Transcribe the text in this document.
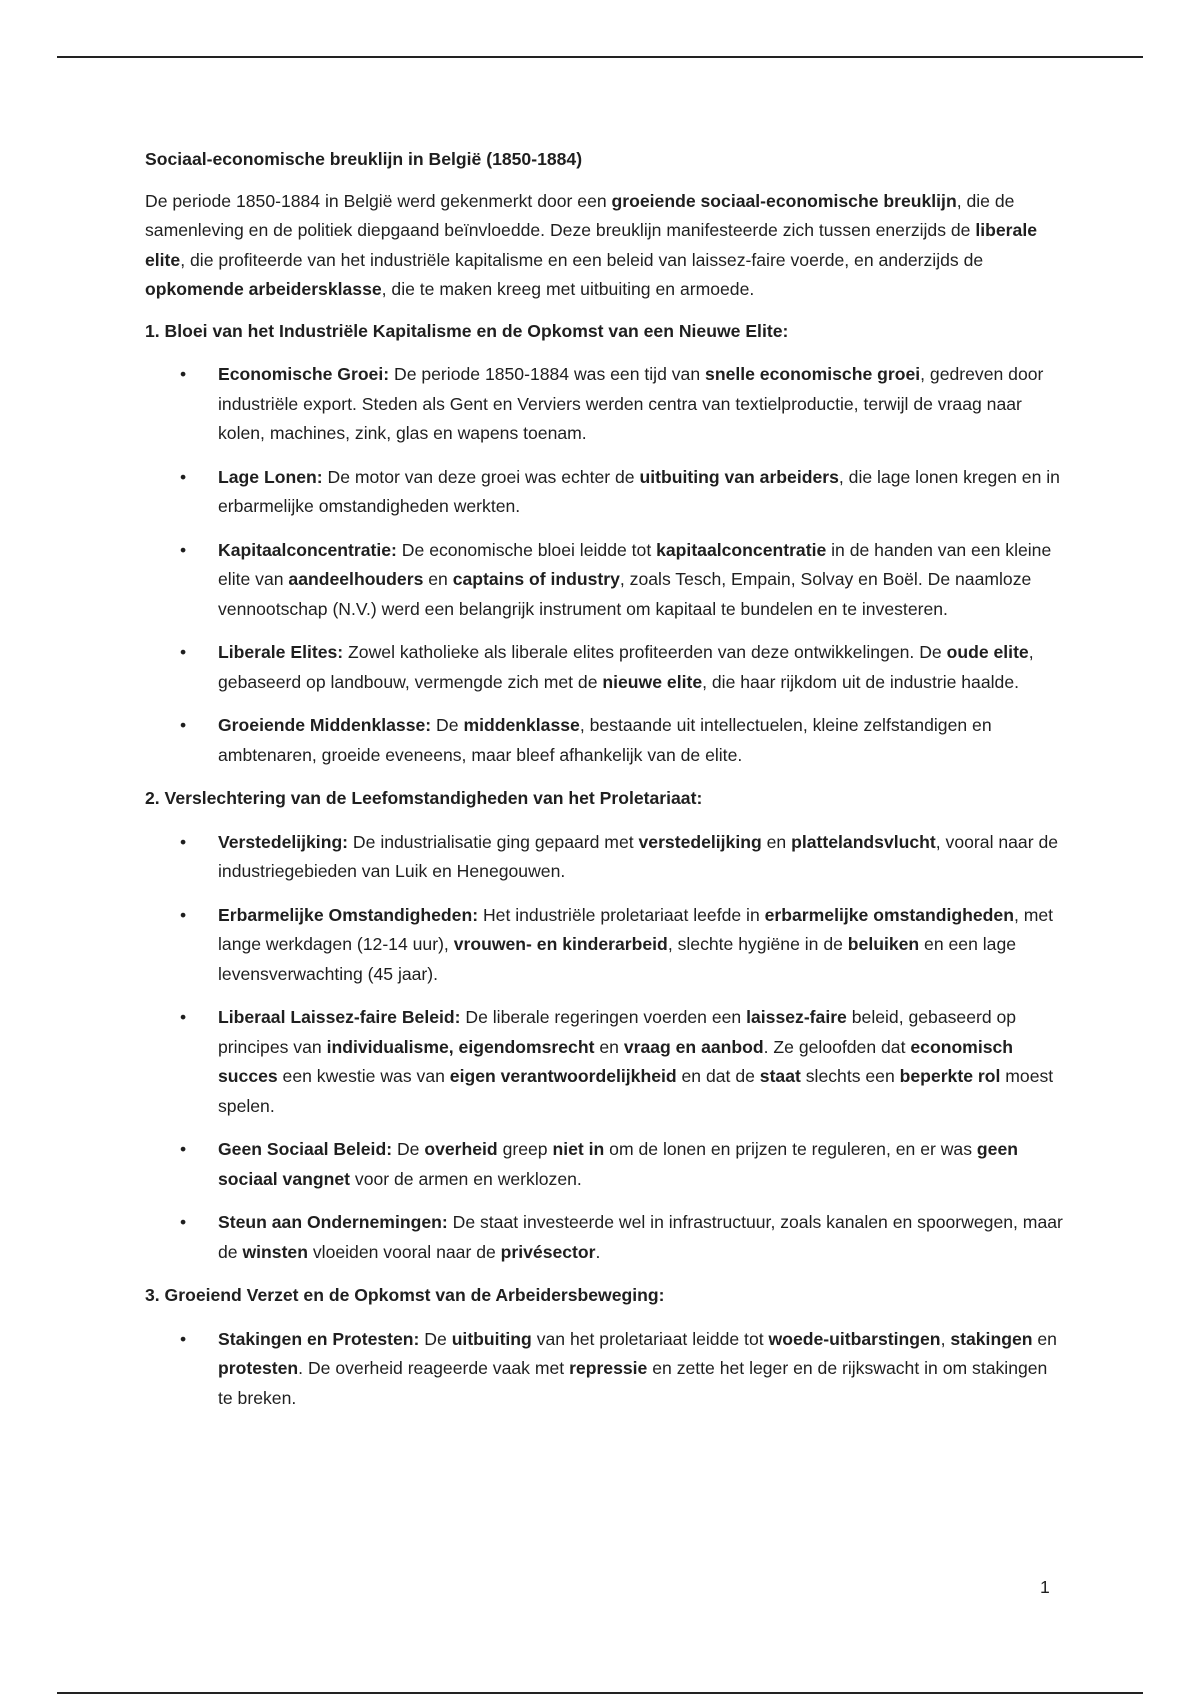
Sociaal-economische breuklijn in België (1850-1884)
De periode 1850-1884 in België werd gekenmerkt door een groeiende sociaal-economische breuklijn, die de samenleving en de politiek diepgaand beïnvloedde. Deze breuklijn manifesteerde zich tussen enerzijds de liberale elite, die profiteerde van het industriële kapitalisme en een beleid van laissez-faire voerde, en anderzijds de opkomende arbeidersklasse, die te maken kreeg met uitbuiting en armoede.
1. Bloei van het Industriële Kapitalisme en de Opkomst van een Nieuwe Elite:
• Economische Groei: De periode 1850-1884 was een tijd van snelle economische groei, gedreven door industriële export. Steden als Gent en Verviers werden centra van textielproductie, terwijl de vraag naar kolen, machines, zink, glas en wapens toenam.
• Lage Lonen: De motor van deze groei was echter de uitbuiting van arbeiders, die lage lonen kregen en in erbarmelijke omstandigheden werkten.
• Kapitaalconcentratie: De economische bloei leidde tot kapitaalconcentratie in de handen van een kleine elite van aandeelhouders en captains of industry, zoals Tesch, Empain, Solvay en Boël. De naamloze vennootschap (N.V.) werd een belangrijk instrument om kapitaal te bundelen en te investeren.
• Liberale Elites: Zowel katholieke als liberale elites profiteerden van deze ontwikkelingen. De oude elite, gebaseerd op landbouw, vermengde zich met de nieuwe elite, die haar rijkdom uit de industrie haalde.
• Groeiende Middenklasse: De middenklasse, bestaande uit intellectuelen, kleine zelfstandigen en ambtenaren, groeide eveneens, maar bleef afhankelijk van de elite.
2. Verslechtering van de Leefomstandigheden van het Proletariaat:
• Verstedelijking: De industrialisatie ging gepaard met verstedelijking en plattelandsvlucht, vooral naar de industriegebieden van Luik en Henegouwen.
• Erbarmelijke Omstandigheden: Het industriële proletariaat leefde in erbarmelijke omstandigheden, met lange werkdagen (12-14 uur), vrouwen- en kinderarbeid, slechte hygiëne in de beluiken en een lage levensverwachting (45 jaar).
• Liberaal Laissez-faire Beleid: De liberale regeringen voerden een laissez-faire beleid, gebaseerd op principes van individualisme, eigendomsrecht en vraag en aanbod. Ze geloofden dat economisch succes een kwestie was van eigen verantwoordelijkheid en dat de staat slechts een beperkte rol moest spelen.
• Geen Sociaal Beleid: De overheid greep niet in om de lonen en prijzen te reguleren, en er was geen sociaal vangnet voor de armen en werklozen.
• Steun aan Ondernemingen: De staat investeerde wel in infrastructuur, zoals kanalen en spoorwegen, maar de winsten vloeiden vooral naar de privésector.
3. Groeiend Verzet en de Opkomst van de Arbeidersbeweging:
• Stakingen en Protesten: De uitbuiting van het proletariaat leidde tot woede-uitbarstingen, stakingen en protesten. De overheid reageerde vaak met repressie en zette het leger en de rijkswacht in om stakingen te breken.
1
